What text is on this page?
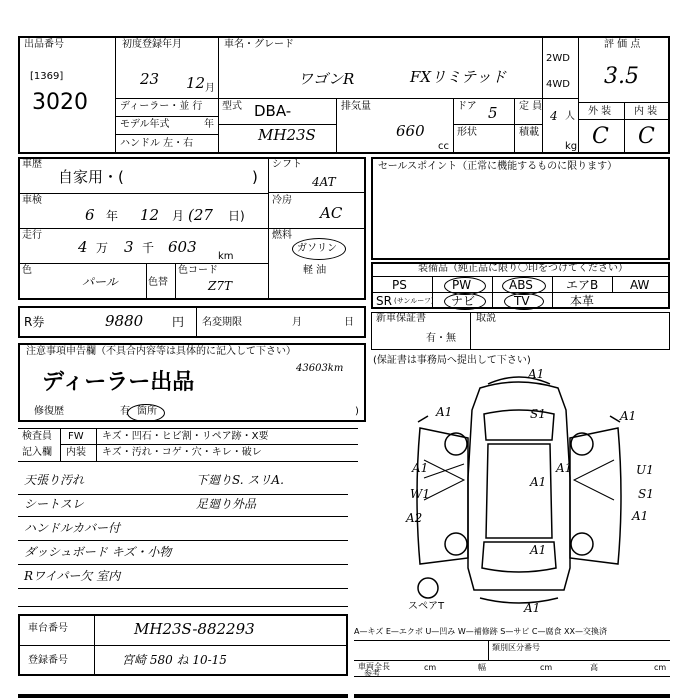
出品番号
[1369]
3020
初度登録年月
23 12 月
車名・グレード
ワゴンR	FXリミテッド
2WD
4WD
評 価 点
3.5
ディーラー・並 行
モデル年式	年
ハンドル 左・右
型式 DBA-
MH23S
排気量
660
cc
ドア 5 定 員
4 人
形状	積載
kg
外 装 内 装
C C
車歴
自家用・(	)
車検
6 年 12 月 (27 日)
走行
4 万 3 千 603
km
色
パール	色替
色コード
Z7T
シフト
4AT
冷房
AC
燃料
ガソリン
軽 油
セールスポイント（正常に機能するものに限ります）
装備品（純正品に限り〇印をつけてください）
PS	PW	ABS	エアB	AW
SR (サンルーフ) ナビ	TV	本革
R券	9880 円 名変期限	月	日 新車保証書
有・無
取説
(保証書は事務局へ提出して下さい)
注意事項申告欄（不具合内容等は具体的に記入して下さい）
43603km
ディーラー出品
修復歴	有 箇所	)
検査員
記入欄
FW キズ・凹石・ヒビ割・リペア跡・X要
内装 キズ・汚れ・コゲ・穴・キレ・破レ
天張り汚れ
シートスレ
ハンドルカバー付
ダッシュボード キズ・小物
Rワイパー欠 室内
下廻りS. スリA.
足廻り外品
A1
A1	S1	A1
A1
A1
W1
A2
U1
S1
A1
A1
A1
A1
スペアT
A—キズ E—エクボ U—凹み W—補修跡 S—サビ C—腐食 XX—交換済
車台番号	MH23S-882293
登録番号	宮崎 580 ね 10-15
類別区分番号
車両全長
参考
cm	幅	cm	高	cm
